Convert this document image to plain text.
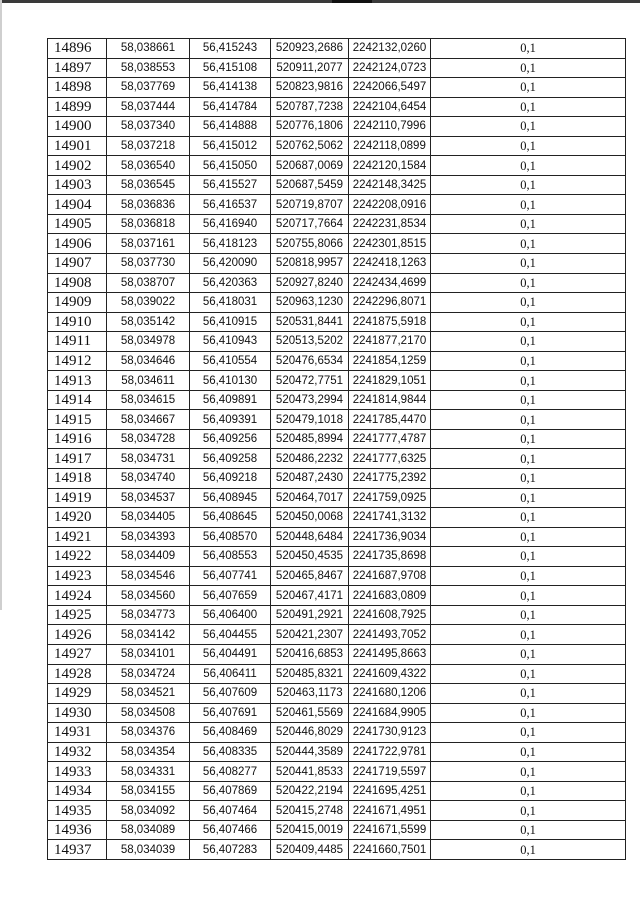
14896	58,038661	56,415243	520923,2686	2242132,0260	0,1
14897	58,038553	56,415108	520911,2077	2242124,0723	0,1
14898	58,037769	56,414138	520823,9816	2242066,5497	0,1
14899	58,037444	56,414784	520787,7238	2242104,6454	0,1
14900	58,037340	56,414888	520776,1806	2242110,7996	0,1
14901	58,037218	56,415012	520762,5062	2242118,0899	0,1
14902	58,036540	56,415050	520687,0069	2242120,1584	0,1
14903	58,036545	56,415527	520687,5459	2242148,3425	0,1
14904	58,036836	56,416537	520719,8707	2242208,0916	0,1
14905	58,036818	56,416940	520717,7664	2242231,8534	0,1
14906	58,037161	56,418123	520755,8066	2242301,8515	0,1
14907	58,037730	56,420090	520818,9957	2242418,1263	0,1
14908	58,038707	56,420363	520927,8240	2242434,4699	0,1
14909	58,039022	56,418031	520963,1230	2242296,8071	0,1
14910	58,035142	56,410915	520531,8441	2241875,5918	0,1
14911	58,034978	56,410943	520513,5202	2241877,2170	0,1
14912	58,034646	56,410554	520476,6534	2241854,1259	0,1
14913	58,034611	56,410130	520472,7751	2241829,1051	0,1
14914	58,034615	56,409891	520473,2994	2241814,9844	0,1
14915	58,034667	56,409391	520479,1018	2241785,4470	0,1
14916	58,034728	56,409256	520485,8994	2241777,4787	0,1
14917	58,034731	56,409258	520486,2232	2241777,6325	0,1
14918	58,034740	56,409218	520487,2430	2241775,2392	0,1
14919	58,034537	56,408945	520464,7017	2241759,0925	0,1
14920	58,034405	56,408645	520450,0068	2241741,3132	0,1
14921	58,034393	56,408570	520448,6484	2241736,9034	0,1
14922	58,034409	56,408553	520450,4535	2241735,8698	0,1
14923	58,034546	56,407741	520465,8467	2241687,9708	0,1
14924	58,034560	56,407659	520467,4171	2241683,0809	0,1
14925	58,034773	56,406400	520491,2921	2241608,7925	0,1
14926	58,034142	56,404455	520421,2307	2241493,7052	0,1
14927	58,034101	56,404491	520416,6853	2241495,8663	0,1
14928	58,034724	56,406411	520485,8321	2241609,4322	0,1
14929	58,034521	56,407609	520463,1173	2241680,1206	0,1
14930	58,034508	56,407691	520461,5569	2241684,9905	0,1
14931	58,034376	56,408469	520446,8029	2241730,9123	0,1
14932	58,034354	56,408335	520444,3589	2241722,9781	0,1
14933	58,034331	56,408277	520441,8533	2241719,5597	0,1
14934	58,034155	56,407869	520422,2194	2241695,4251	0,1
14935	58,034092	56,407464	520415,2748	2241671,4951	0,1
14936	58,034089	56,407466	520415,0019	2241671,5599	0,1
14937	58,034039	56,407283	520409,4485	2241660,7501	0,1
